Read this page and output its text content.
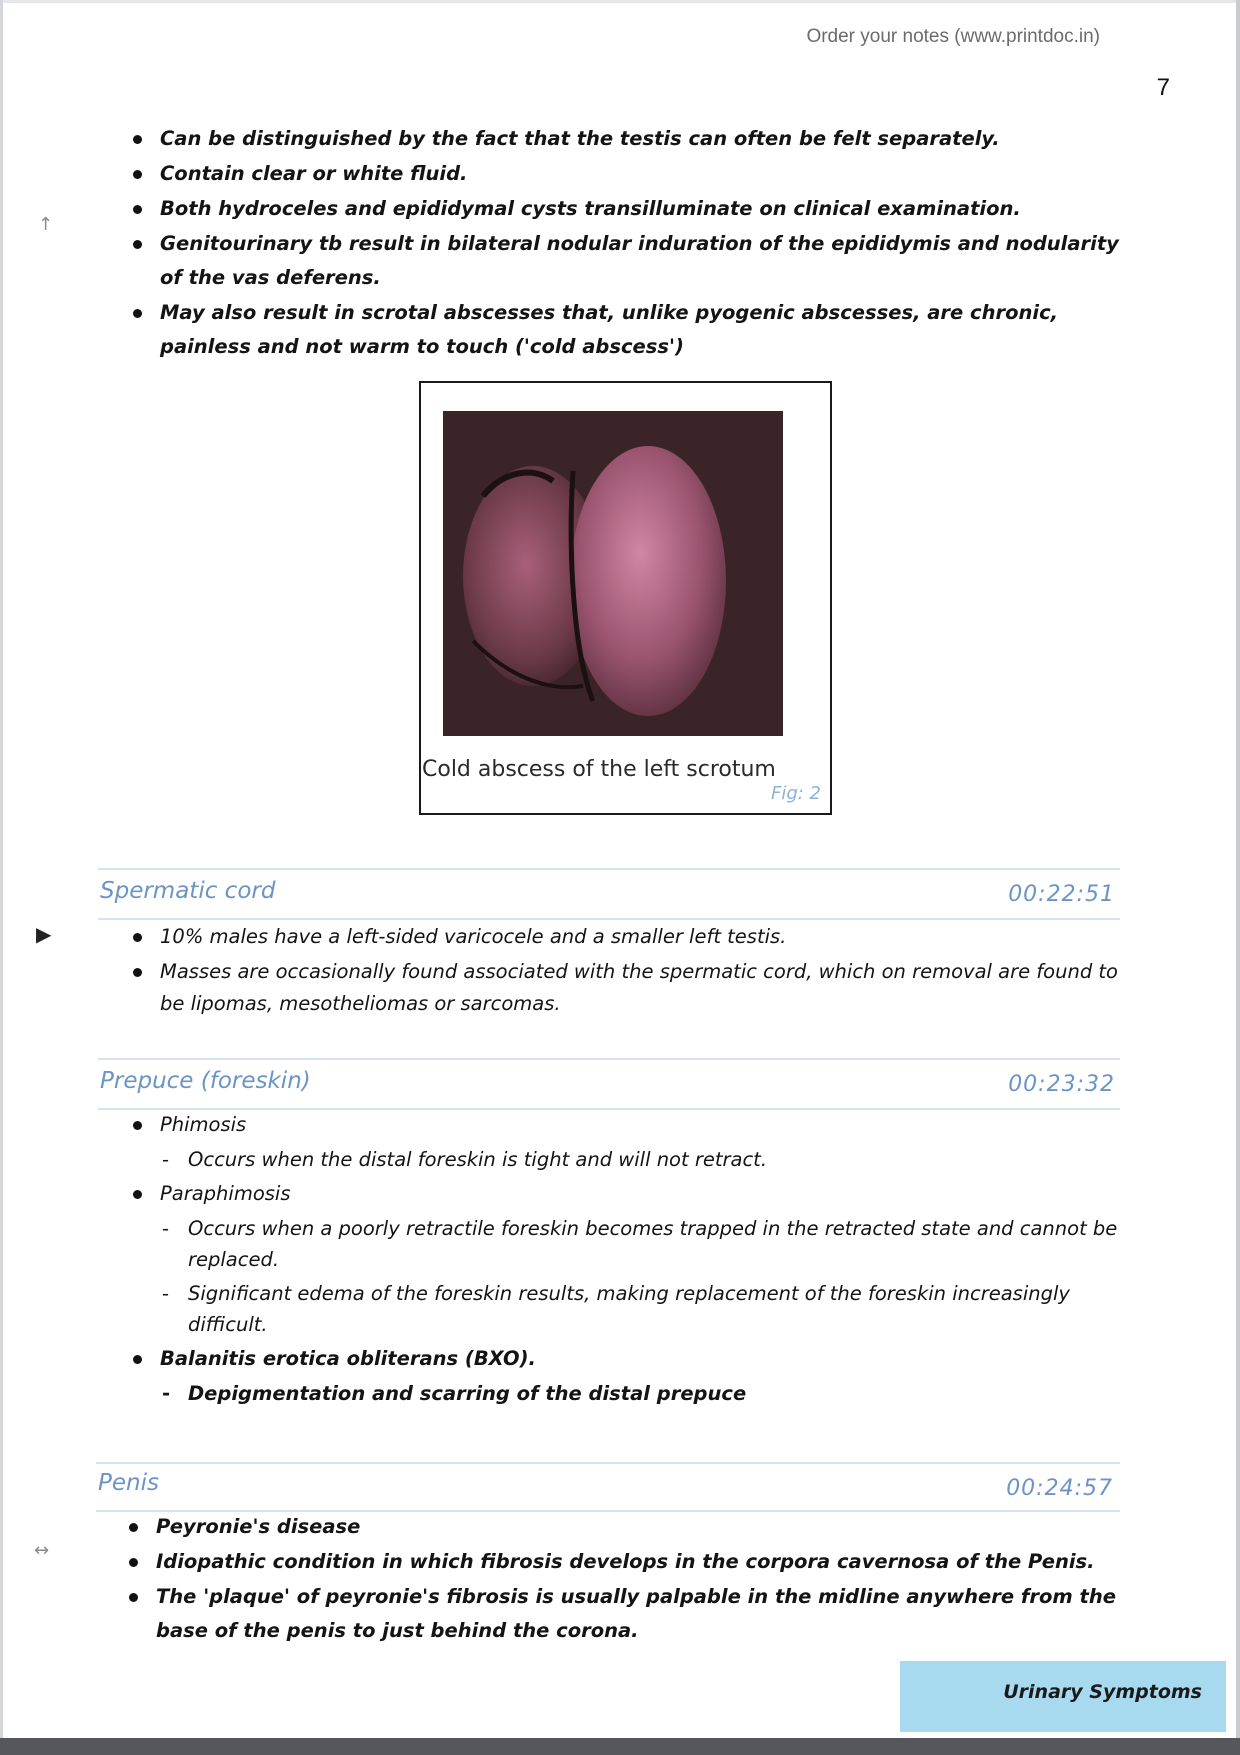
Order your notes (www.printdoc.in)
7
Can be distinguished by the fact that the testis can often be felt separately.
Contain clear or white fluid.
Both hydroceles and epididymal cysts transilluminate on clinical examination.
Genitourinary tb result in bilateral nodular induration of the epididymis and nodularity of the vas deferens.
May also result in scrotal abscesses that, unlike pyogenic abscesses, are chronic, painless and not warm to touch ('cold abscess')
Cold abscess of the left scrotum
Fig: 2
Spermatic cord	00:22:51
10% males have a left-sided varicocele and a smaller left testis.
Masses are occasionally found associated with the spermatic cord, which on removal are found to be lipomas, mesotheliomas or sarcomas.
Prepuce (foreskin)	00:23:32
Phimosis
- Occurs when the distal foreskin is tight and will not retract.
Paraphimosis
- Occurs when a poorly retractile foreskin becomes trapped in the retracted state and cannot be replaced.
- Significant edema of the foreskin results, making replacement of the foreskin increasingly difficult.
Balanitis erotica obliterans (BXO).
- Depigmentation and scarring of the distal prepuce
Penis	00:24:57
Peyronie's disease
Idiopathic condition in which fibrosis develops in the corpora cavernosa of the Penis.
The 'plaque' of peyronie's fibrosis is usually palpable in the midline anywhere from the base of the penis to just behind the corona.
Urinary Symptoms
↑
▶
↔
